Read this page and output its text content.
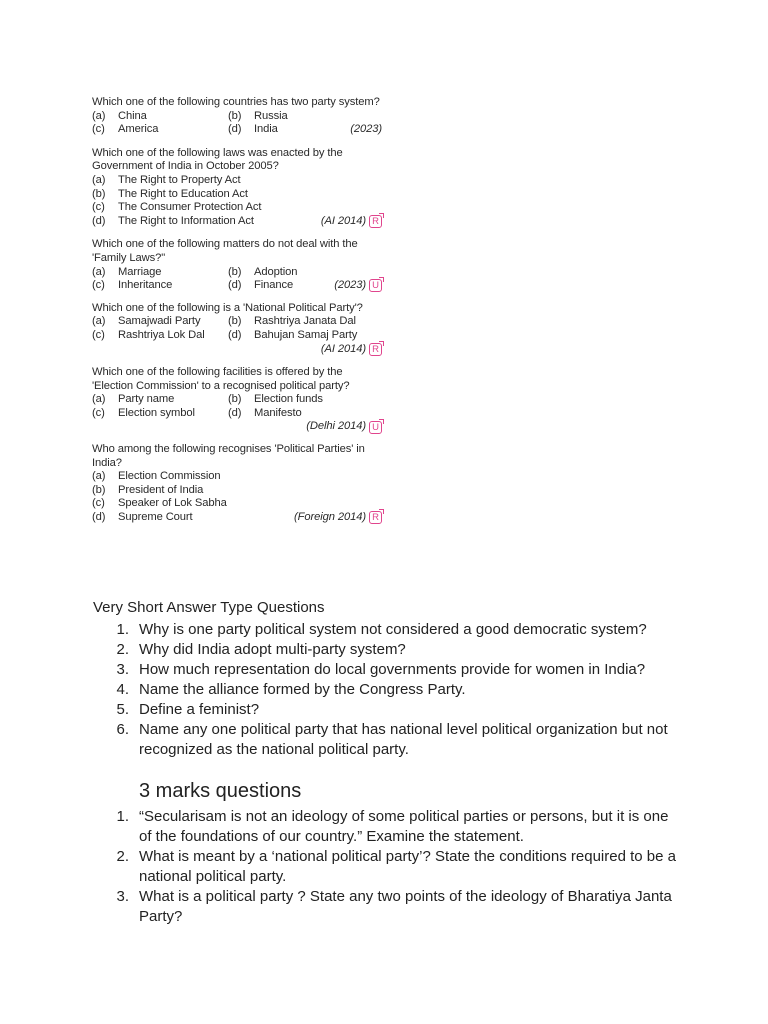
Which one of the following countries has two party system?
(a)	China	(b)	Russia
(c)	America	(d)	India	(2023)
Which one of the following laws was enacted by the Government of India in October 2005?
(a)	The Right to Property Act
(b)	The Right to Education Act
(c)	The Consumer Protection Act
(d)	The Right to Information Act	(AI 2014) R
Which one of the following matters do not deal with the 'Family Laws?"
(a)	Marriage	(b)	Adoption
(c)	Inheritance	(d)	Finance	(2023) U
Which one of the following is a 'National Political Party'?
(a)	Samajwadi Party (b)	Rashtriya Janata Dal
(c)	Rashtriya Lok Dal (d)	Bahujan Samaj Party
(AI 2014) R
Which one of the following facilities is offered by the 'Election Commission' to a recognised political party?
(a)	Party name	(b)	Election funds
(c)	Election symbol	(d)	Manifesto
(Delhi 2014) U
Who among the following recognises 'Political Parties' in India?
(a)	Election Commission
(b)	President of India
(c)	Speaker of Lok Sabha
(d)	Supreme Court	(Foreign 2014) R
Very Short Answer Type Questions
1. Why is one party political system not considered a good democratic system?
2. Why did India adopt multi-party system?
3. How much representation do local governments provide for women in India?
4. Name the alliance formed by the Congress Party.
5. Define a feminist?
6. Name any one political party that has national level political organization but not recognized as the national political party.
3 marks questions
1. “Secularisam is not an ideology of some political parties or persons, but it is one of the foundations of our country.” Examine the statement.
2. What is meant by a ‘national political party’? State the conditions required to be a national political party.
3. What is a political party ? State any two points of the ideology of Bharatiya Janta Party?
